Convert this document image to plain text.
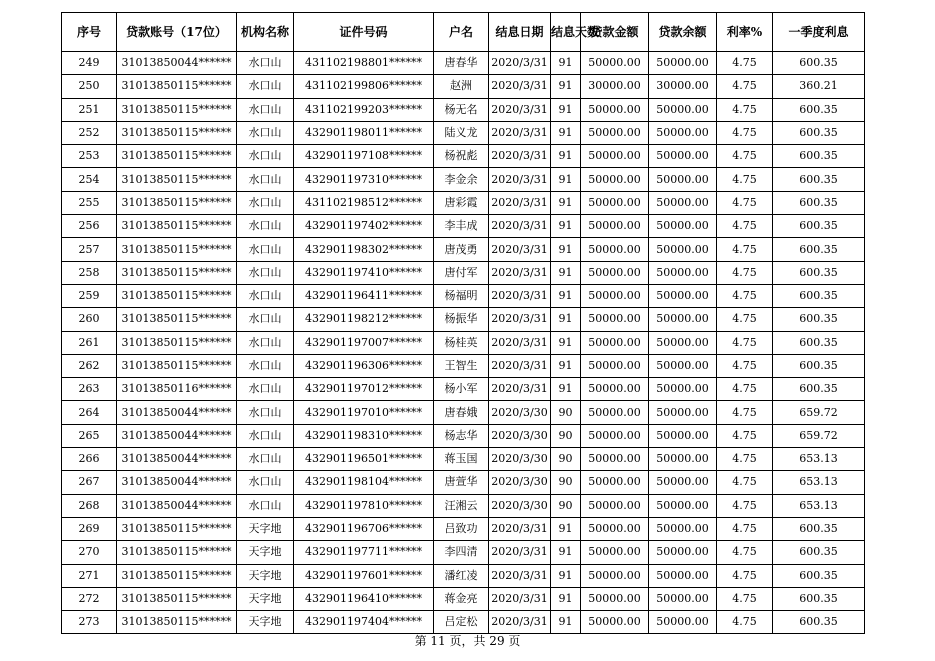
序号	贷款账号（17位）	机构名称	证件号码	户名	结息日期	结息天数	贷款金额	贷款余额	利率%	一季度利息
249	31013850044******	水口山	431102198801******	唐春华	2020/3/31	91	50000.00	50000.00	4.75	600.35
250	31013850115******	水口山	431102199806******	赵洲	2020/3/31	91	30000.00	30000.00	4.75	360.21
251	31013850115******	水口山	431102199203******	杨无名	2020/3/31	91	50000.00	50000.00	4.75	600.35
252	31013850115******	水口山	432901198011******	陆义龙	2020/3/31	91	50000.00	50000.00	4.75	600.35
253	31013850115******	水口山	432901197108******	杨祝彪	2020/3/31	91	50000.00	50000.00	4.75	600.35
254	31013850115******	水口山	432901197310******	李金余	2020/3/31	91	50000.00	50000.00	4.75	600.35
255	31013850115******	水口山	431102198512******	唐彩霞	2020/3/31	91	50000.00	50000.00	4.75	600.35
256	31013850115******	水口山	432901197402******	李丰成	2020/3/31	91	50000.00	50000.00	4.75	600.35
257	31013850115******	水口山	432901198302******	唐茂勇	2020/3/31	91	50000.00	50000.00	4.75	600.35
258	31013850115******	水口山	432901197410******	唐付军	2020/3/31	91	50000.00	50000.00	4.75	600.35
259	31013850115******	水口山	432901196411******	杨福明	2020/3/31	91	50000.00	50000.00	4.75	600.35
260	31013850115******	水口山	432901198212******	杨振华	2020/3/31	91	50000.00	50000.00	4.75	600.35
261	31013850115******	水口山	432901197007******	杨桂英	2020/3/31	91	50000.00	50000.00	4.75	600.35
262	31013850115******	水口山	432901196306******	王智生	2020/3/31	91	50000.00	50000.00	4.75	600.35
263	31013850116******	水口山	432901197012******	杨小军	2020/3/31	91	50000.00	50000.00	4.75	600.35
264	31013850044******	水口山	432901197010******	唐春娥	2020/3/30	90	50000.00	50000.00	4.75	659.72
265	31013850044******	水口山	432901198310******	杨志华	2020/3/30	90	50000.00	50000.00	4.75	659.72
266	31013850044******	水口山	432901196501******	蒋玉国	2020/3/30	90	50000.00	50000.00	4.75	653.13
267	31013850044******	水口山	432901198104******	唐萱华	2020/3/30	90	50000.00	50000.00	4.75	653.13
268	31013850044******	水口山	432901197810******	汪湘云	2020/3/30	90	50000.00	50000.00	4.75	653.13
269	31013850115******	天字地	432901196706******	吕致功	2020/3/31	91	50000.00	50000.00	4.75	600.35
270	31013850115******	天字地	432901197711******	李四清	2020/3/31	91	50000.00	50000.00	4.75	600.35
271	31013850115******	天字地	432901197601******	潘红凌	2020/3/31	91	50000.00	50000.00	4.75	600.35
272	31013850115******	天字地	432901196410******	蒋金亮	2020/3/31	91	50000.00	50000.00	4.75	600.35
273	31013850115******	天字地	432901197404******	吕定松	2020/3/31	91	50000.00	50000.00	4.75	600.35
第 11 页，共 29 页
